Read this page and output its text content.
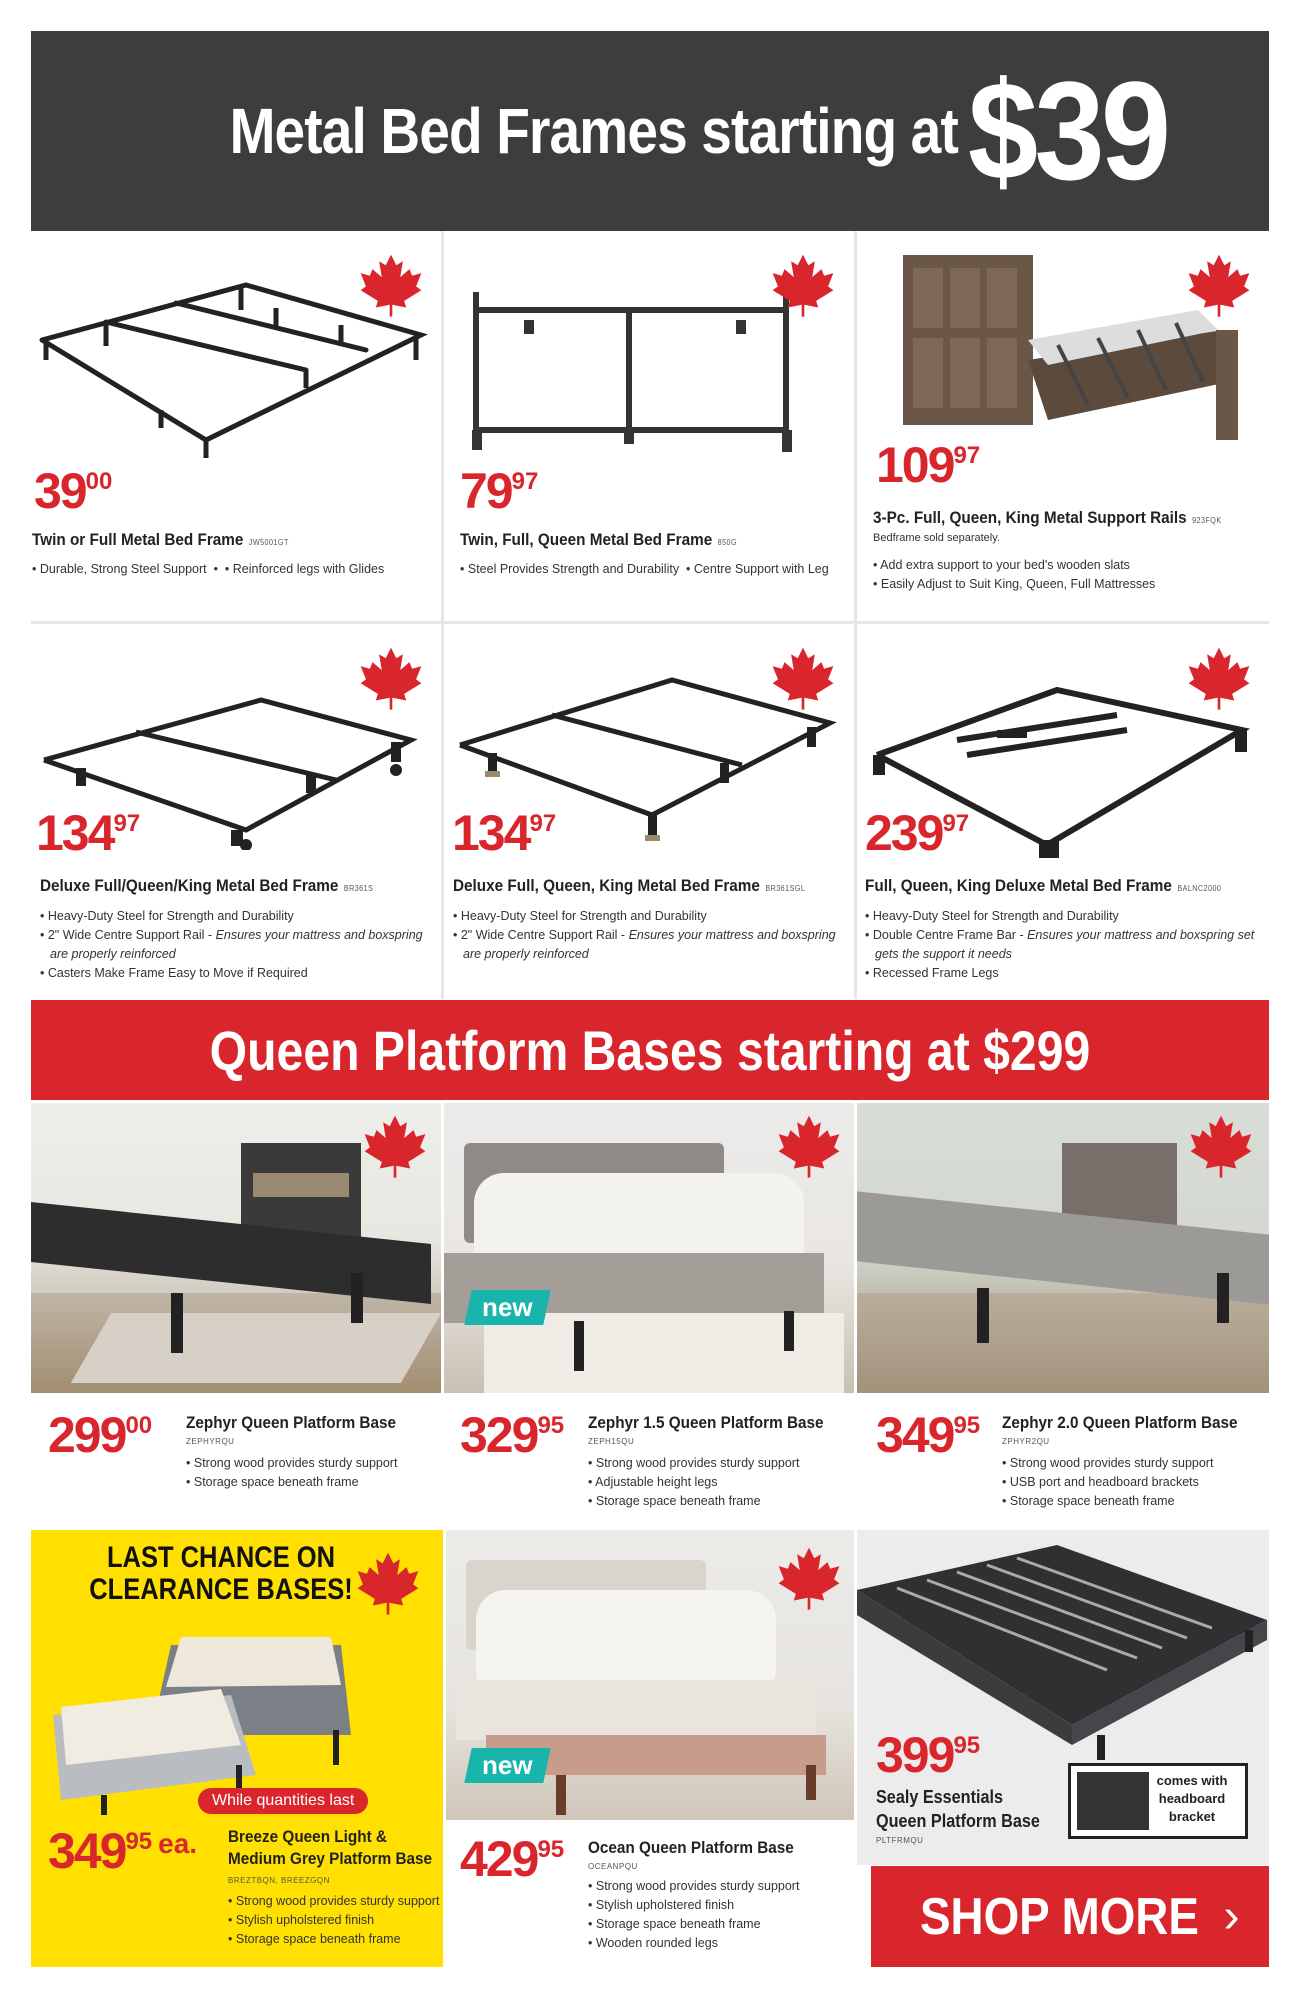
Metal Bed Frames starting at $39
3900
Twin or Full Metal Bed Frame JW5001GT
• Durable, Strong Steel Support  • • Reinforced legs with Glides
7997
Twin, Full, Queen Metal Bed Frame 850G
• Steel Provides Strength and Durability  • Centre Support with Leg
10997
3-Pc. Full, Queen, King Metal Support Rails 923FQK
Bedframe sold separately.
• Add extra support to your bed's wooden slats
• Easily Adjust to Suit King, Queen, Full Mattresses
13497
Deluxe Full/Queen/King Metal Bed Frame BR361S
• Heavy-Duty Steel for Strength and Durability
• 2" Wide Centre Support Rail - Ensures your mattress and boxspring
are properly reinforced
• Casters Make Frame Easy to Move if Required
13497
Deluxe Full, Queen, King Metal Bed Frame BR361SGL
• Heavy-Duty Steel for Strength and Durability
• 2" Wide Centre Support Rail - Ensures your mattress and boxspring
are properly reinforced
23997
Full, Queen, King Deluxe Metal Bed Frame BALNC2000
• Heavy-Duty Steel for Strength and Durability
• Double Centre Frame Bar - Ensures your mattress and boxspring set
gets the support it needs
• Recessed Frame Legs
Queen Platform Bases starting at $299
new
29900 Zephyr Queen Platform Base
ZEPHYRQU
• Strong wood provides sturdy support
• Storage space beneath frame
32995 Zephyr 1.5 Queen Platform Base
ZEPH15QU
• Strong wood provides sturdy support
• Adjustable height legs
• Storage space beneath frame
34995 Zephyr 2.0 Queen Platform Base
ZPHYR2QU
• Strong wood provides sturdy support
• USB port and headboard brackets
• Storage space beneath frame
LAST CHANCE ON
CLEARANCE BASES!
While quantities last
34995 ea. Breeze Queen Light &
Medium Grey Platform Base
BREZTBQN, BREEZGQN
• Strong wood provides sturdy support
• Stylish upholstered finish
• Storage space beneath frame
new
42995 Ocean Queen Platform Base
OCEANPQU
• Strong wood provides sturdy support
• Stylish upholstered finish
• Storage space beneath frame
• Wooden rounded legs
39995
Sealy Essentials
Queen Platform Base
PLTFRMQU
comes with
headboard
bracket
SHOP MORE ›
